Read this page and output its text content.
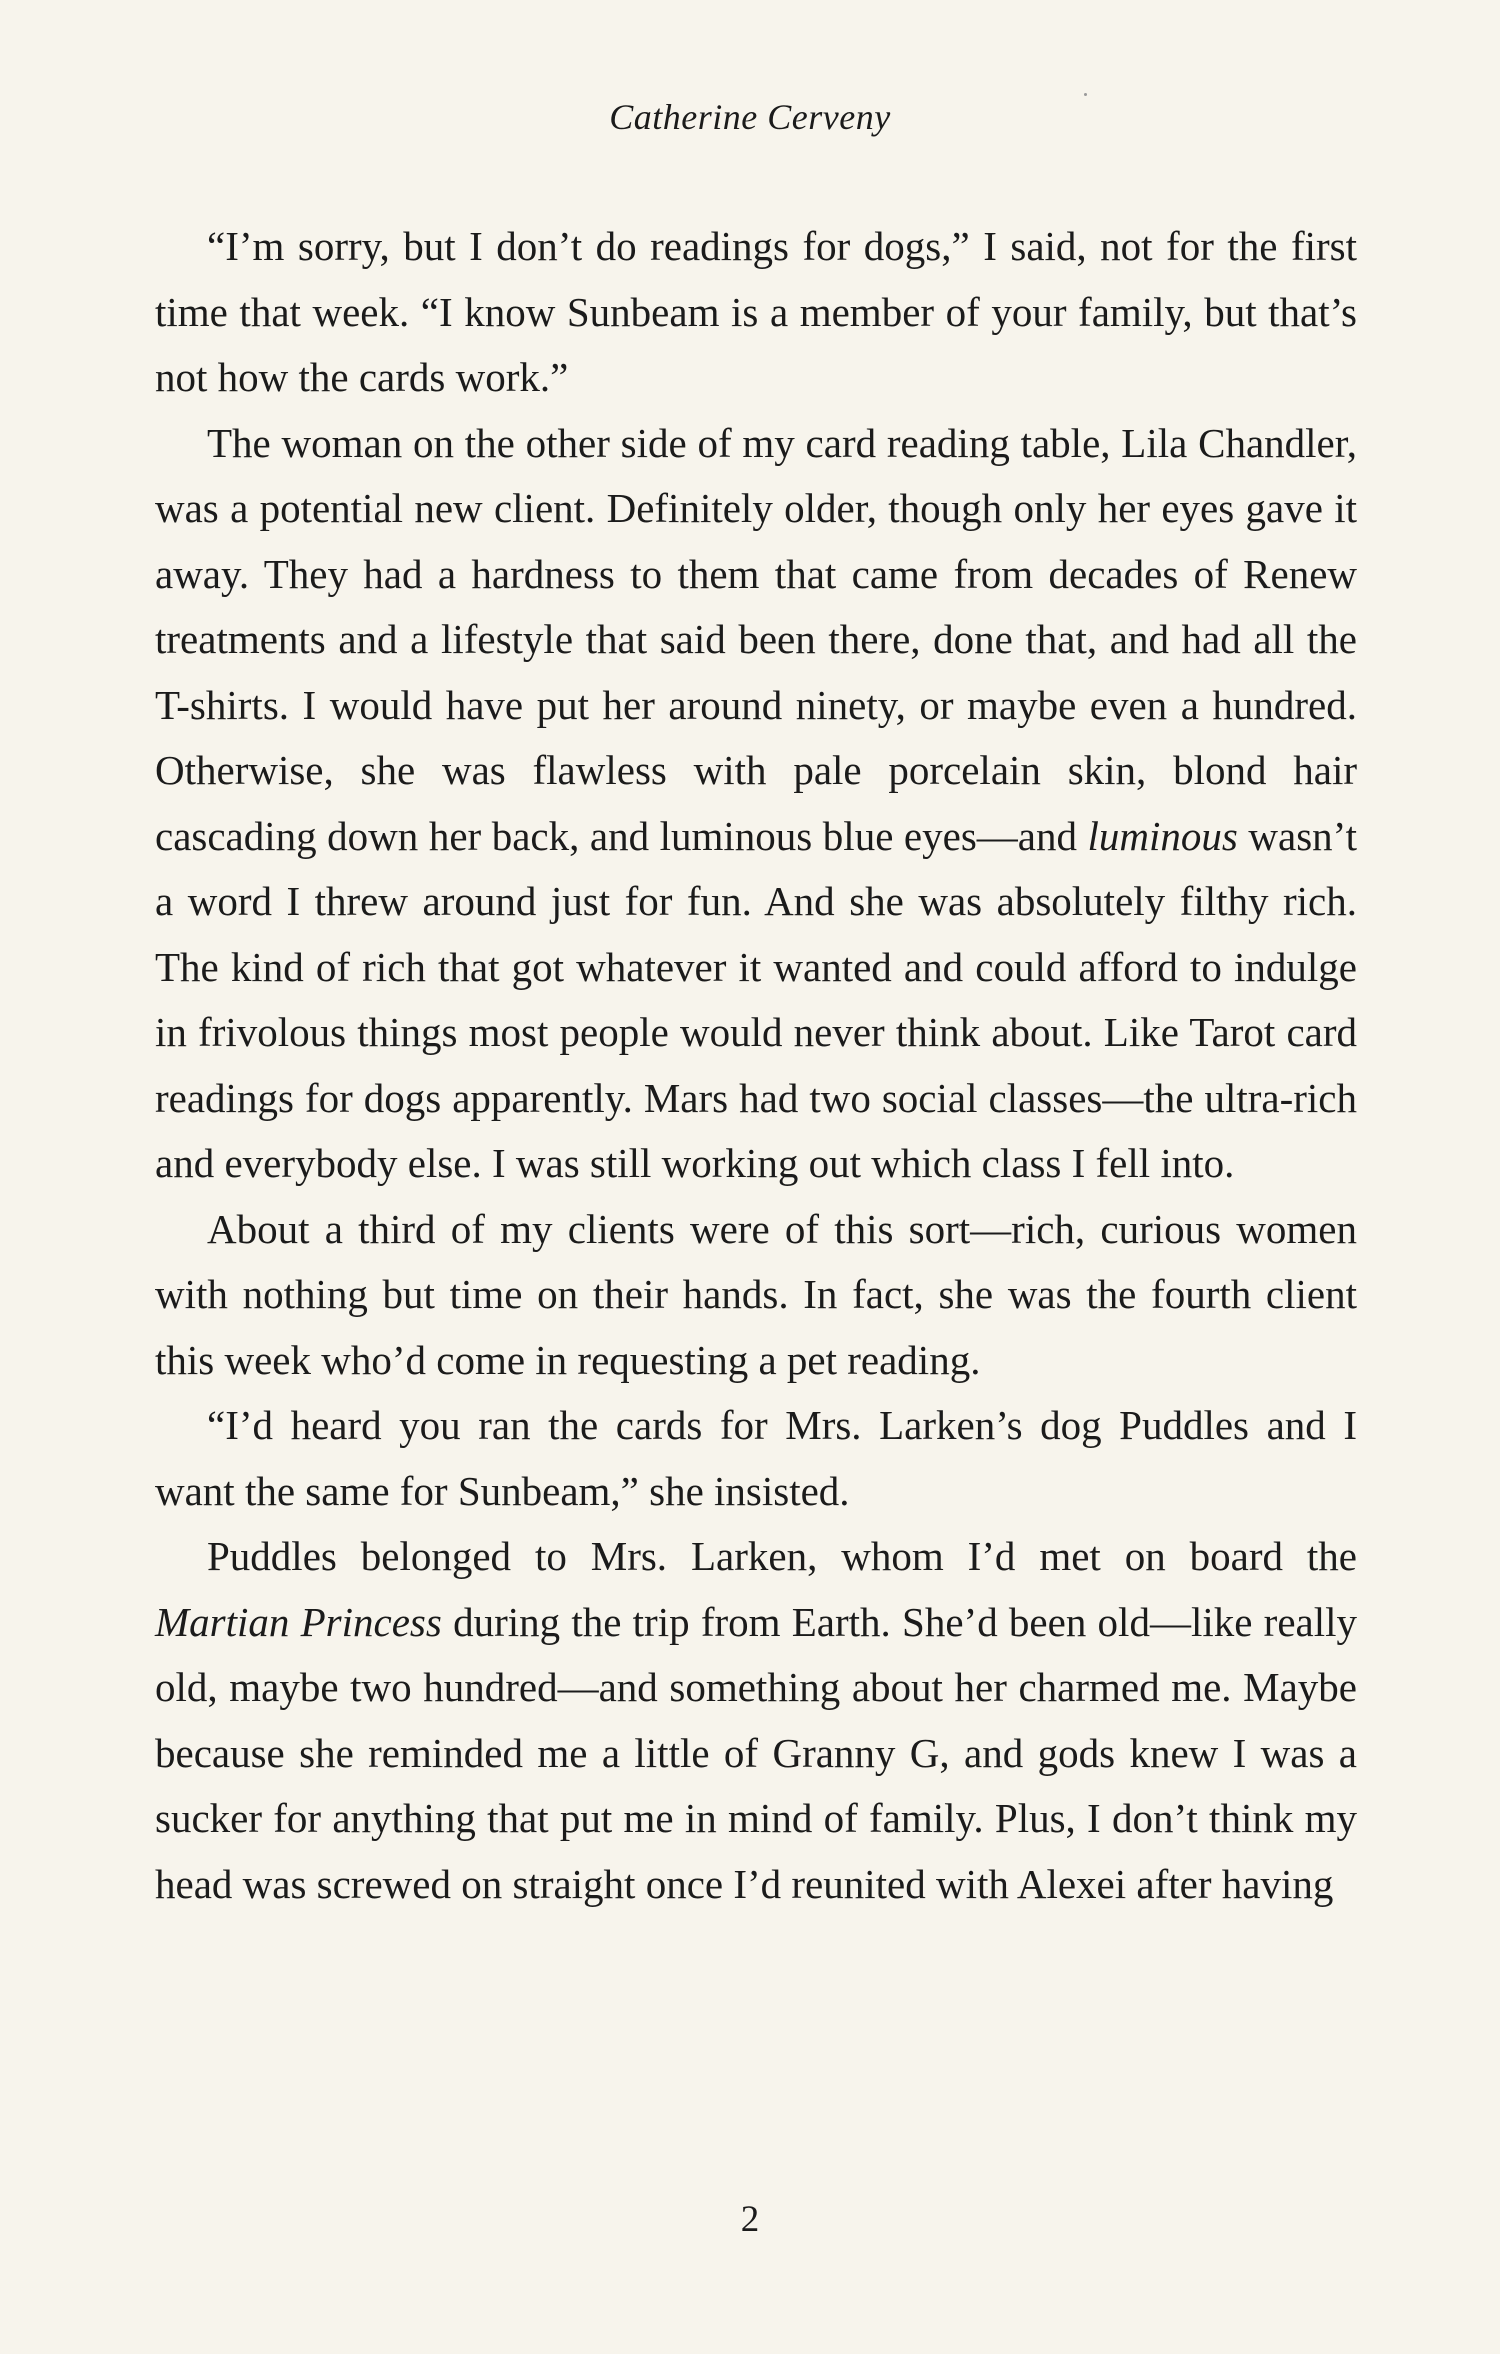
Catherine Cerveny

“I’m sorry, but I don’t do readings for dogs,” I said, not for the first time that week. “I know Sunbeam is a member of your family, but that’s not how the cards work.”

The woman on the other side of my card reading table, Lila Chandler, was a potential new client. Definitely older, though only her eyes gave it away. They had a hardness to them that came from decades of Renew treatments and a lifestyle that said been there, done that, and had all the T-shirts. I would have put her around ninety, or maybe even a hundred. Otherwise, she was flawless with pale porcelain skin, blond hair cascading down her back, and luminous blue eyes—and luminous wasn’t a word I threw around just for fun. And she was absolutely filthy rich. The kind of rich that got whatever it wanted and could afford to indulge in frivolous things most people would never think about. Like Tarot card readings for dogs apparently. Mars had two social classes—the ultra-rich and everybody else. I was still working out which class I fell into.

About a third of my clients were of this sort—rich, curious women with nothing but time on their hands. In fact, she was the fourth client this week who’d come in requesting a pet reading.

“I’d heard you ran the cards for Mrs. Larken’s dog Puddles and I want the same for Sunbeam,” she insisted.

Puddles belonged to Mrs. Larken, whom I’d met on board the Martian Princess during the trip from Earth. She’d been old—like really old, maybe two hundred—and something about her charmed me. Maybe because she reminded me a little of Granny G, and gods knew I was a sucker for anything that put me in mind of family. Plus, I don’t think my head was screwed on straight once I’d reunited with Alexei after having

2
